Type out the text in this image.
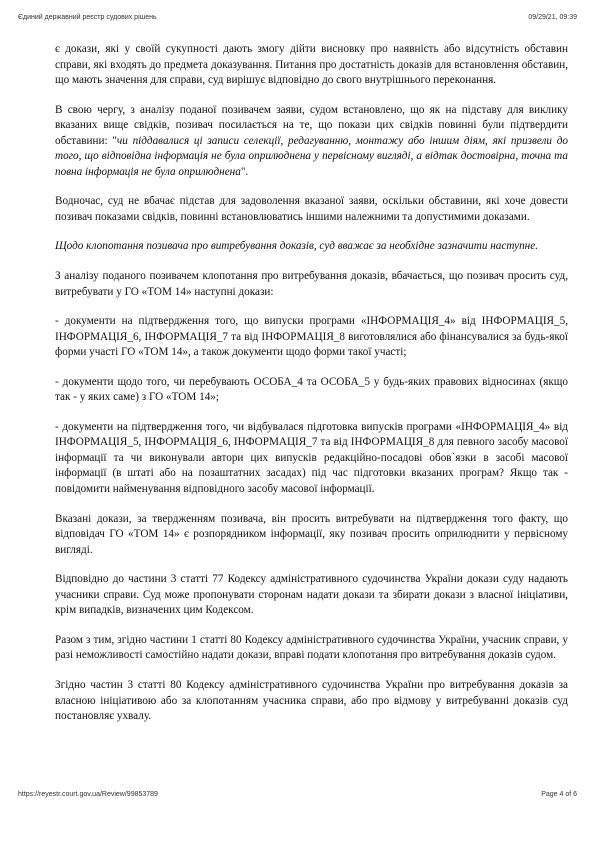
Єдиний державний реєстр судових рішень	09/29/21, 09:39

є докази, які у своїй сукупності дають змогу дійти висновку про наявність або відсутність обставин справи, які входять до предмета доказування. Питання про достатність доказів для встановлення обставин, що мають значення для справи, суд вирішує відповідно до свого внутрішнього переконання.

В свою чергу, з аналізу поданої позивачем заяви, судом встановлено, що як на підставу для виклику вказаних вище свідків, позивач посилається на те, що покази цих свідків повинні були підтвердити обставини: "чи піддавалися ці записи селекції, редагуванню, монтажу або іншим діям, які призвели до того, що відповідна інформація не була оприлюднена у первісному вигляді, а відтак достовірна, точна та повна інформація не була оприлюднена".

Водночас, суд не вбачає підстав для задоволення вказаної заяви, оскільки обставини, які хоче довести позивач показами свідків, повинні встановлюватись іншими належними та допустимими доказами.

Щодо клопотання позивача про витребування доказів, суд вважає за необхідне зазначити наступне.

З аналізу поданого позивачем клопотання про витребування доказів, вбачається, що позивач просить суд, витребувати у ГО «ТОМ 14» наступні докази:

- документи на підтвердження того, що випуски програми «ІНФОРМАЦІЯ_4» від ІНФОРМАЦІЯ_5, ІНФОРМАЦІЯ_6, ІНФОРМАЦІЯ_7 та від ІНФОРМАЦІЯ_8 виготовлялися або фінансувалися за будь-якої форми участі ГО «ТОМ 14», а також документи щодо форми такої участі;

- документи щодо того, чи перебувають ОСОБА_4 та ОСОБА_5 у будь-яких правових відносинах (якщо так - у яких саме) з ГО «ТОМ 14»;

- документи на підтвердження того, чи відбувалася підготовка випусків програми «ІНФОРМАЦІЯ_4» від ІНФОРМАЦІЯ_5, ІНФОРМАЦІЯ_6, ІНФОРМАЦІЯ_7 та від ІНФОРМАЦІЯ_8 для певного засобу масової інформації та чи виконували автори цих випусків редакційно-посадові обов`язки в засобі масової інформації (в штаті або на позаштатних засадах) під час підготовки вказаних програм? Якщо так - повідомити найменування відповідного засобу масової інформації.

Вказані докази, за твердженням позивача, він просить витребувати на підтвердження того факту, що відповідач ГО «ТОМ 14» є розпорядником інформації, яку позивач просить оприлюднити у первісному вигляді.

Відповідно до частини 3 статті 77 Кодексу адміністративного судочинства України докази суду надають учасники справи. Суд може пропонувати сторонам надати докази та збирати докази з власної ініціативи, крім випадків, визначених цим Кодексом.

Разом з тим, згідно частини 1 статті 80 Кодексу адміністративного судочинства України, учасник справи, у разі неможливості самостійно надати докази, вправі подати клопотання про витребування доказів судом.

Згідно частин 3 статті 80 Кодексу адміністративного судочинства України про витребування доказів за власною ініціативою або за клопотанням учасника справи, або про відмову у витребуванні доказів суд постановляє ухвалу.

https://reyestr.court.gov.ua/Review/99853789	Page 4 of 6
